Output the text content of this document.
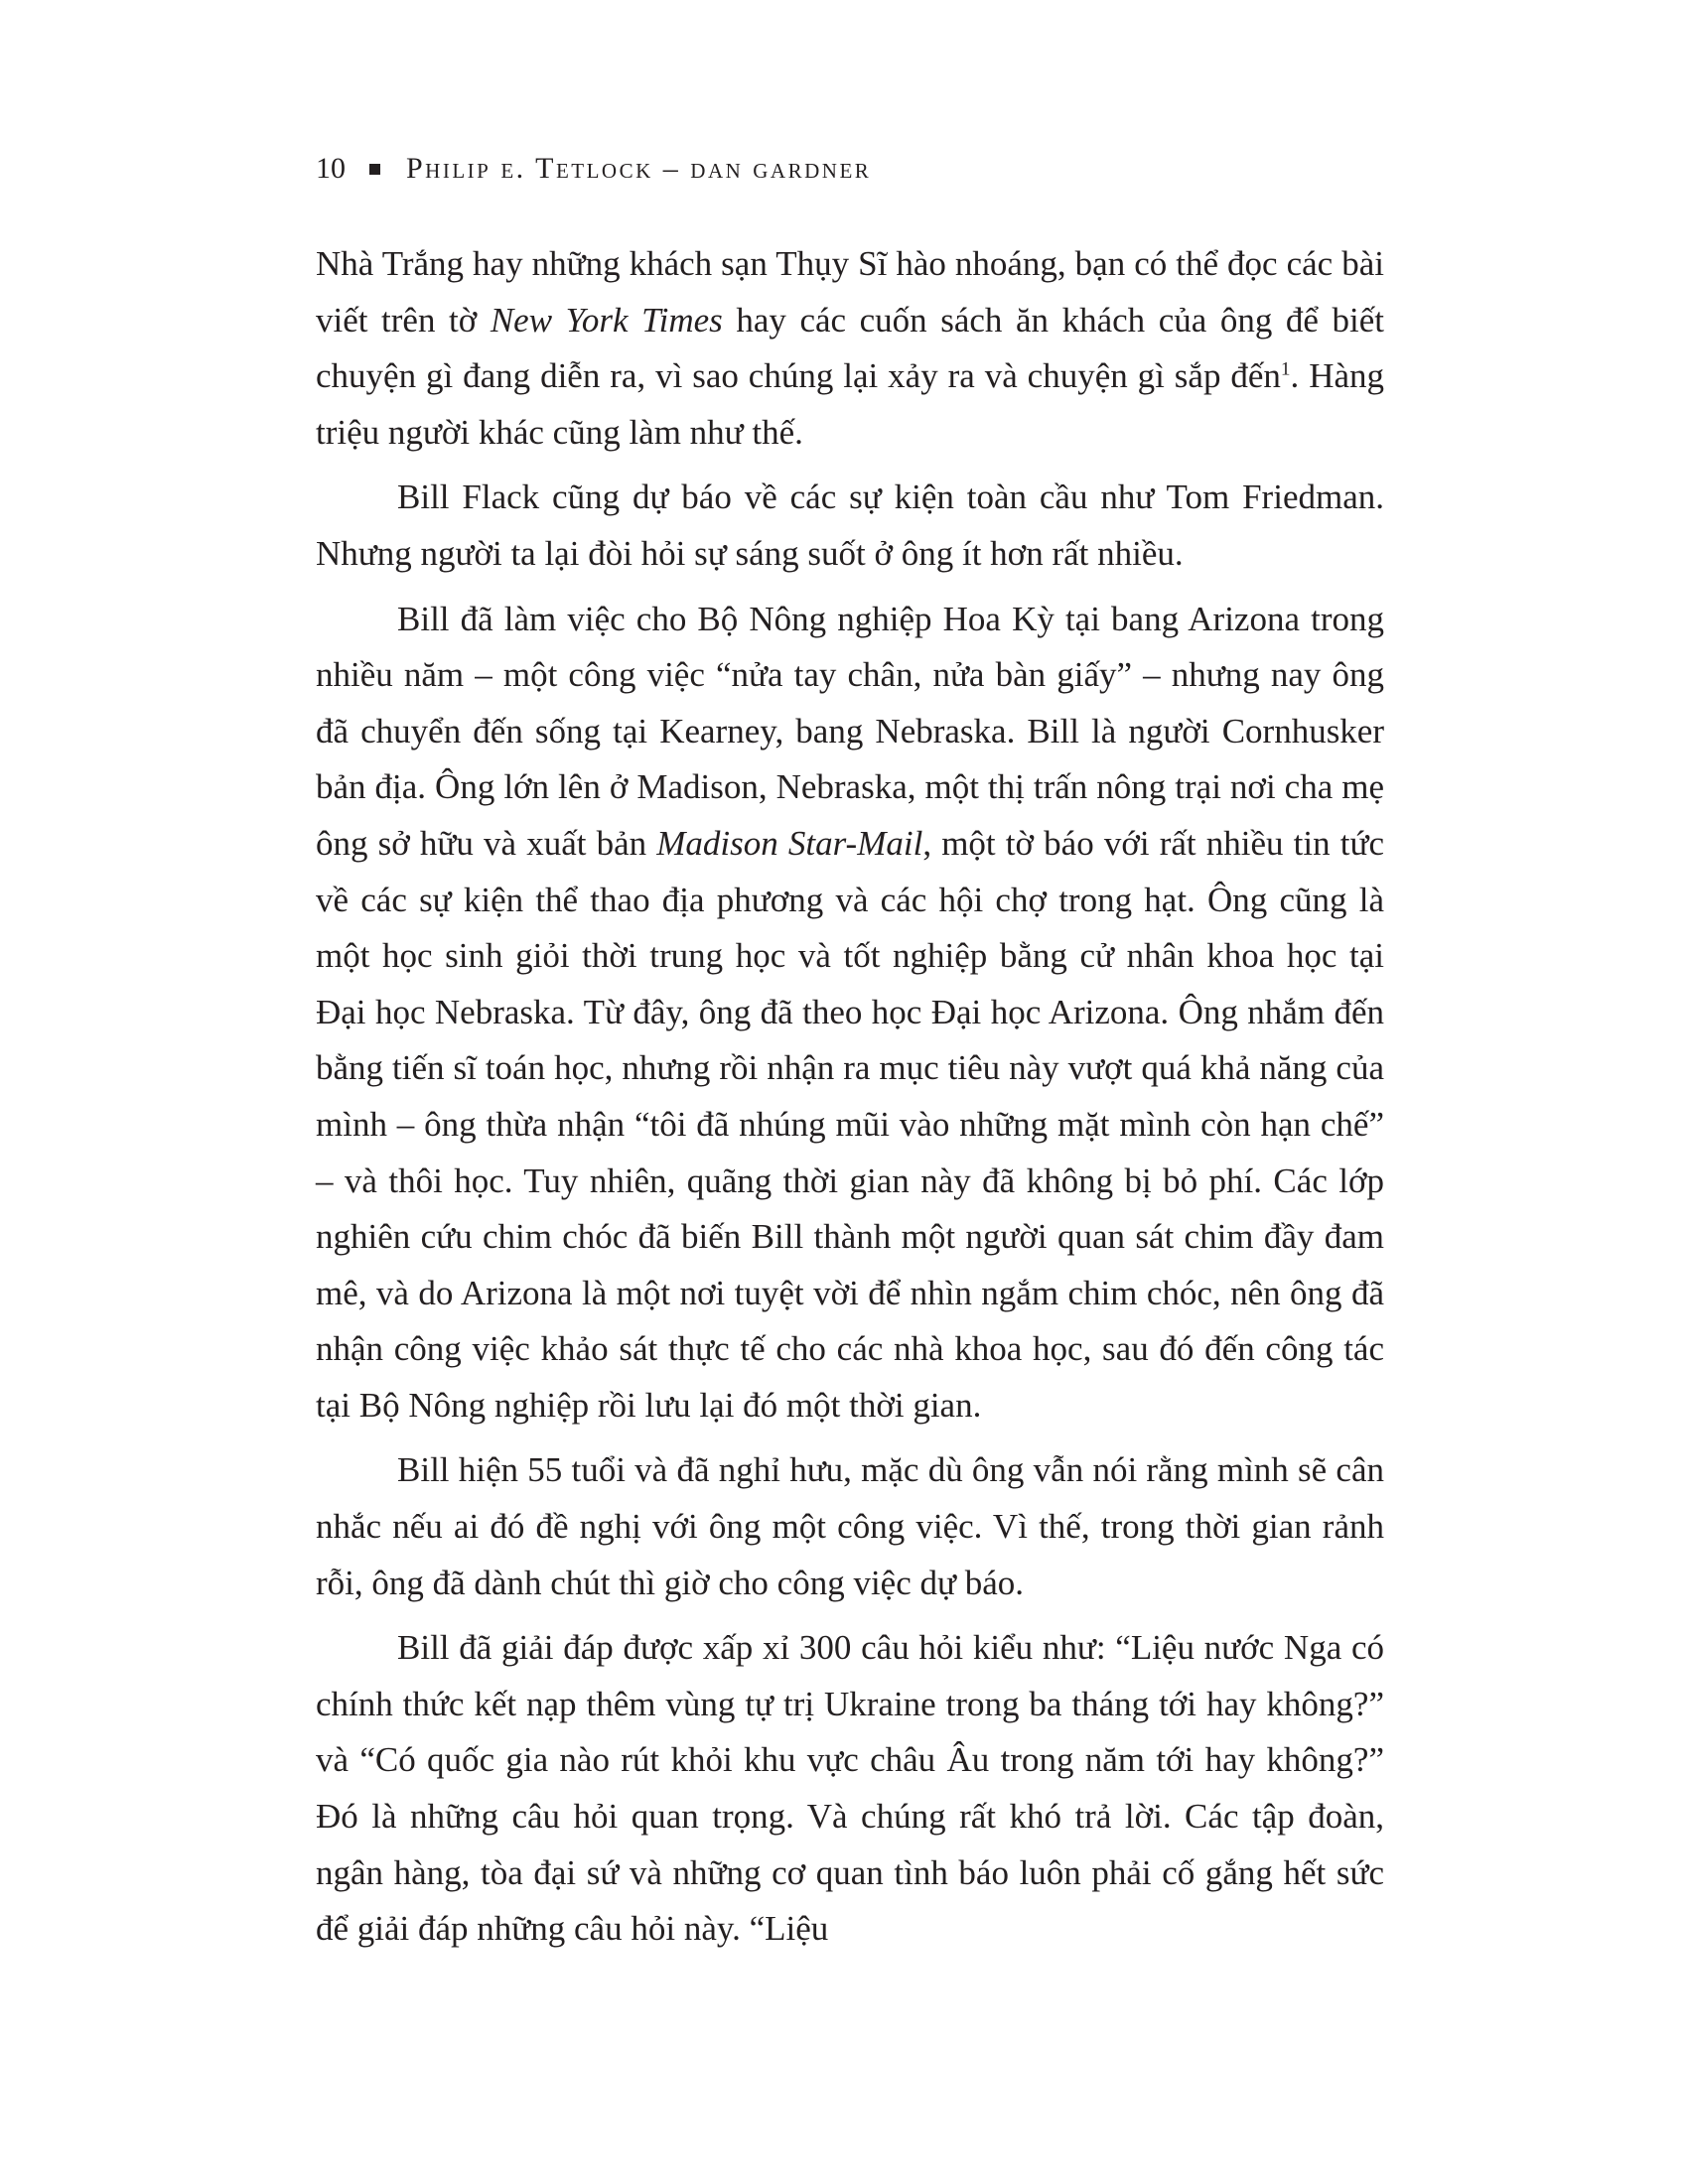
10 Philip e. Tetlock – dan gardner

Nhà Trắng hay những khách sạn Thụy Sĩ hào nhoáng, bạn có thể đọc các bài viết trên tờ New York Times hay các cuốn sách ăn khách của ông để biết chuyện gì đang diễn ra, vì sao chúng lại xảy ra và chuyện gì sắp đến$^1$. Hàng triệu người khác cũng làm như thế.

Bill Flack cũng dự báo về các sự kiện toàn cầu như Tom Friedman. Nhưng người ta lại đòi hỏi sự sáng suốt ở ông ít hơn rất nhiều.

Bill đã làm việc cho Bộ Nông nghiệp Hoa Kỳ tại bang Arizona trong nhiều năm – một công việc “nửa tay chân, nửa bàn giấy” – nhưng nay ông đã chuyển đến sống tại Kearney, bang Nebraska. Bill là người Cornhusker bản địa. Ông lớn lên ở Madison, Nebraska, một thị trấn nông trại nơi cha mẹ ông sở hữu và xuất bản Madison Star-Mail, một tờ báo với rất nhiều tin tức về các sự kiện thể thao địa phương và các hội chợ trong hạt. Ông cũng là một học sinh giỏi thời trung học và tốt nghiệp bằng cử nhân khoa học tại Đại học Nebraska. Từ đây, ông đã theo học Đại học Arizona. Ông nhắm đến bằng tiến sĩ toán học, nhưng rồi nhận ra mục tiêu này vượt quá khả năng của mình – ông thừa nhận “tôi đã nhúng mũi vào những mặt mình còn hạn chế” – và thôi học. Tuy nhiên, quãng thời gian này đã không bị bỏ phí. Các lớp nghiên cứu chim chóc đã biến Bill thành một người quan sát chim đầy đam mê, và do Arizona là một nơi tuyệt vời để nhìn ngắm chim chóc, nên ông đã nhận công việc khảo sát thực tế cho các nhà khoa học, sau đó đến công tác tại Bộ Nông nghiệp rồi lưu lại đó một thời gian.

Bill hiện 55 tuổi và đã nghỉ hưu, mặc dù ông vẫn nói rằng mình sẽ cân nhắc nếu ai đó đề nghị với ông một công việc. Vì thế, trong thời gian rảnh rỗi, ông đã dành chút thì giờ cho công việc dự báo.

Bill đã giải đáp được xấp xỉ 300 câu hỏi kiểu như: “Liệu nước Nga có chính thức kết nạp thêm vùng tự trị Ukraine trong ba tháng tới hay không?” và “Có quốc gia nào rút khỏi khu vực châu Âu trong năm tới hay không?” Đó là những câu hỏi quan trọng. Và chúng rất khó trả lời. Các tập đoàn, ngân hàng, tòa đại sứ và những cơ quan tình báo luôn phải cố gắng hết sức để giải đáp những câu hỏi này. “Liệu
